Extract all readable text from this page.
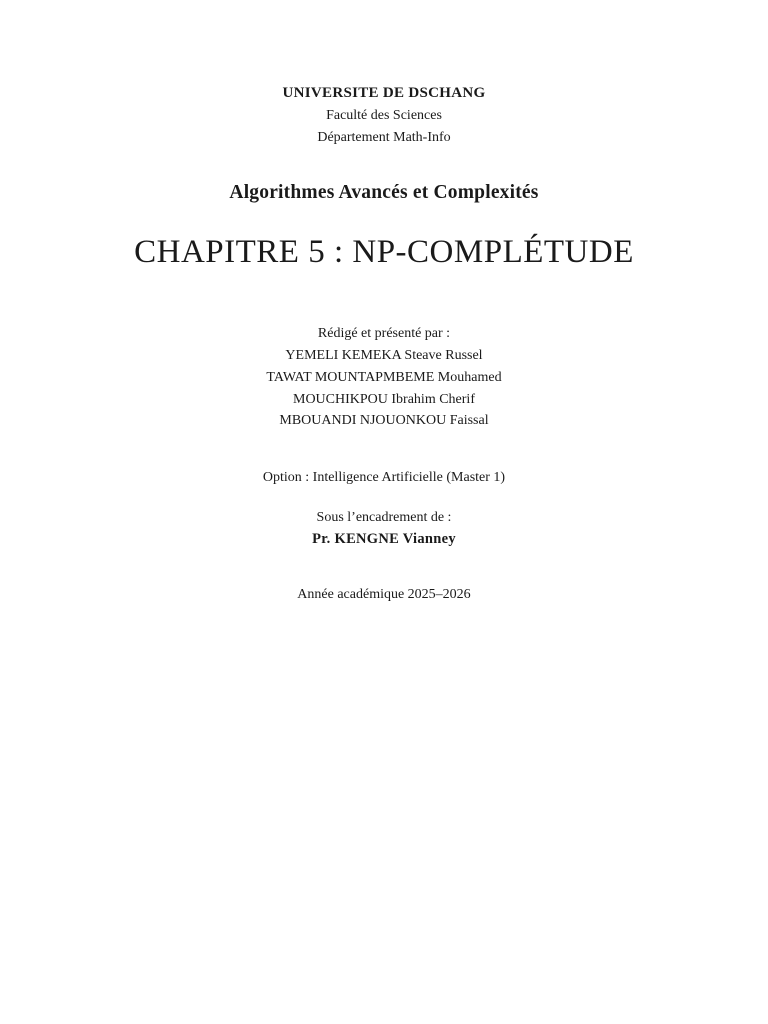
UNIVERSITE DE DSCHANG
Faculté des Sciences
Département Math-Info
Algorithmes Avancés et Complexités
CHAPITRE 5 : NP-COMPLÉTUDE
Rédigé et présenté par :
YEMELI KEMEKA Steave Russel
TAWAT MOUNTAPMBEME Mouhamed
MOUCHIKPOU Ibrahim Cherif
MBOUANDI NJOUONKOU Faissal
Option : Intelligence Artificielle (Master 1)
Sous l’encadrement de :
Pr. KENGNE Vianney
Année académique 2025–2026
